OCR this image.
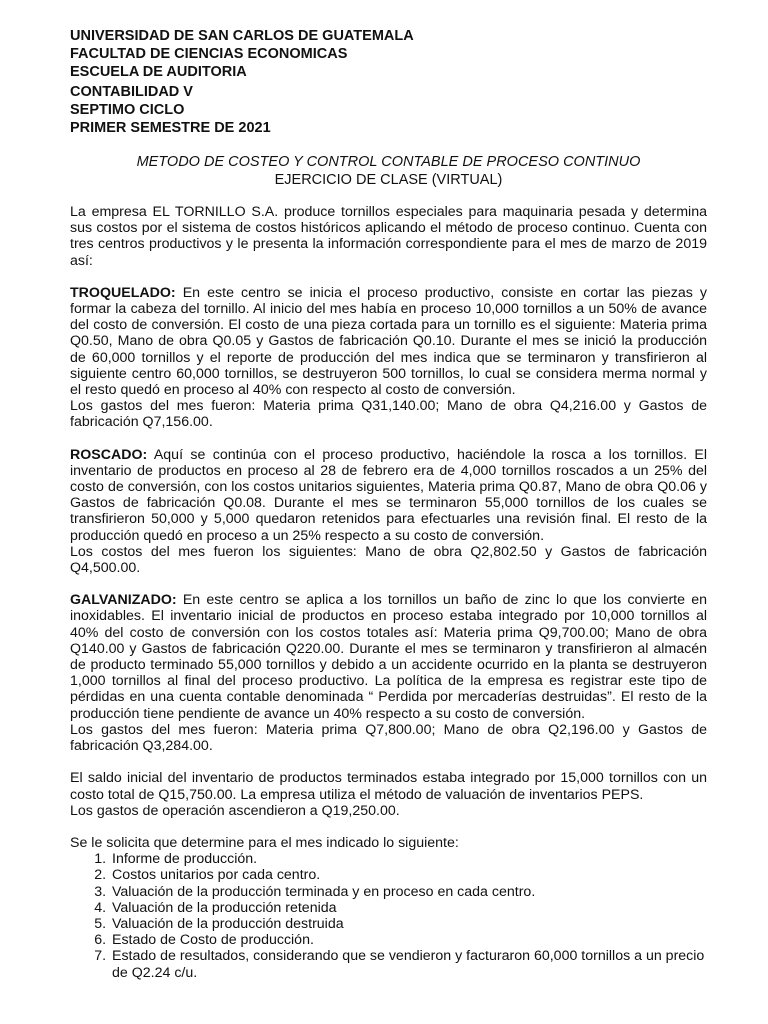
UNIVERSIDAD DE SAN CARLOS DE GUATEMALA

FACULTAD DE CIENCIAS ECONOMICAS

ESCUELA DE AUDITORIA

CONTABILIDAD V

SEPTIMO CICLO

PRIMER SEMESTRE DE 2021

METODO DE COSTEO Y CONTROL CONTABLE DE PROCESO CONTINUO

EJERCICIO DE CLASE (VIRTUAL)

La empresa EL TORNILLO S.A. produce tornillos especiales para maquinaria pesada y determina sus costos por el sistema de costos históricos aplicando el método de proceso continuo. Cuenta con tres centros productivos y le presenta la información correspondiente para el mes de marzo de 2019 así:

TROQUELADO: En este centro se inicia el proceso productivo, consiste en cortar las piezas y formar la cabeza del tornillo. Al inicio del mes había en proceso 10,000 tornillos a un 50% de avance del costo de conversión. El costo de una pieza cortada para un tornillo es el siguiente: Materia prima Q0.50, Mano de obra Q0.05 y Gastos de fabricación Q0.10. Durante el mes se inició la producción de 60,000 tornillos y el reporte de producción del mes indica que se terminaron y transfirieron al siguiente centro 60,000 tornillos, se destruyeron 500 tornillos, lo cual se considera merma normal y el resto quedó en proceso al 40% con respecto al costo de conversión.

Los gastos del mes fueron: Materia prima Q31,140.00; Mano de obra Q4,216.00 y Gastos de fabricación Q7,156.00.

ROSCADO: Aquí se continúa con el proceso productivo, haciéndole la rosca a los tornillos. El inventario de productos en proceso al 28 de febrero era de 4,000 tornillos roscados a un 25% del costo de conversión, con los costos unitarios siguientes, Materia prima Q0.87, Mano de obra Q0.06 y Gastos de fabricación Q0.08. Durante el mes se terminaron 55,000 tornillos de los cuales se transfirieron 50,000 y 5,000 quedaron retenidos para efectuarles una revisión final. El resto de la producción quedó en proceso a un 25% respecto a su costo de conversión.

Los costos del mes fueron los siguientes: Mano de obra Q2,802.50 y Gastos de fabricación Q4,500.00.

GALVANIZADO: En este centro se aplica a los tornillos un baño de zinc lo que los convierte en inoxidables. El inventario inicial de productos en proceso estaba integrado por 10,000 tornillos al 40% del costo de conversión con los costos totales así: Materia prima Q9,700.00; Mano de obra Q140.00 y Gastos de fabricación Q220.00. Durante el mes se terminaron y transfirieron al almacén de producto terminado 55,000 tornillos y debido a un accidente ocurrido en la planta se destruyeron 1,000 tornillos al final del proceso productivo. La política de la empresa es registrar este tipo de pérdidas en una cuenta contable denominada “ Perdida por mercaderías destruidas”. El resto de la producción tiene pendiente de avance un 40% respecto a su costo de conversión.

Los gastos del mes fueron: Materia prima Q7,800.00; Mano de obra Q2,196.00 y Gastos de fabricación Q3,284.00.

El saldo inicial del inventario de productos terminados estaba integrado por 15,000 tornillos con un costo total de Q15,750.00. La empresa utiliza el método de valuación de inventarios PEPS.

Los gastos de operación ascendieron a Q19,250.00.

Se le solicita que determine para el mes indicado lo siguiente:

1. Informe de producción.
2. Costos unitarios por cada centro.
3. Valuación de la producción terminada y en proceso en cada centro.
4. Valuación de la producción retenida
5. Valuación de la producción destruida
6. Estado de Costo de producción.
7. Estado de resultados, considerando que se vendieron y facturaron 60,000 tornillos a un precio de Q2.24 c/u.
